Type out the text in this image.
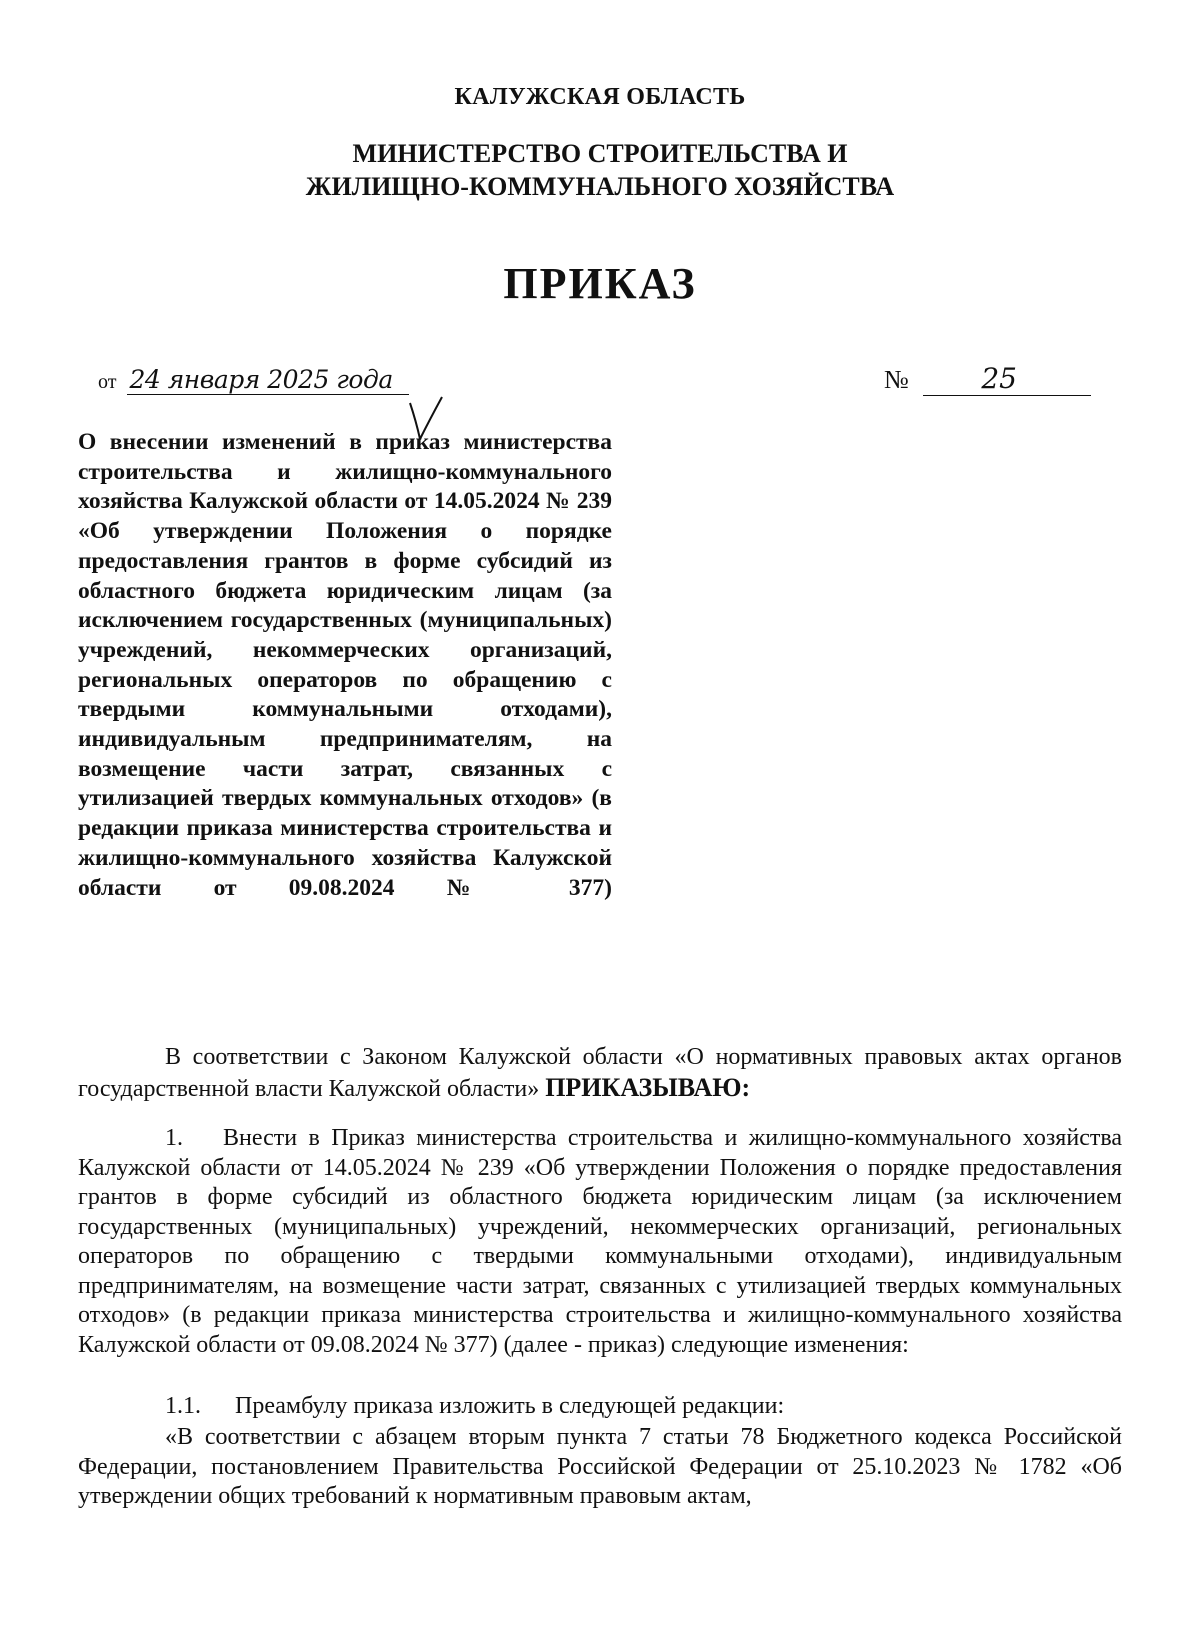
КАЛУЖСКАЯ ОБЛАСТЬ
МИНИСТЕРСТВО СТРОИТЕЛЬСТВА И
ЖИЛИЩНО-КОММУНАЛЬНОГО ХОЗЯЙСТВА
ПРИКАЗ
от 24 января 2025 года	№	25
О внесении изменений в приказ министерства строительства и жилищно-коммунального хозяйства Калужской области от 14.05.2024 № 239 «Об утверждении Положения о порядке предоставления грантов в форме субсидий из областного бюджета юридическим лицам (за исключением государственных (муниципальных) учреждений, некоммерческих организаций, региональных операторов по обращению с твердыми коммунальными отходами), индивидуальным предпринимателям, на возмещение части затрат, связанных с утилизацией твердых коммунальных отходов» (в редакции приказа министерства строительства и жилищно-коммунального хозяйства Калужской области от 09.08.2024 № 377)
В соответствии с Законом Калужской области «О нормативных правовых актах органов государственной власти Калужской области» ПРИКАЗЫВАЮ:
1. Внести в Приказ министерства строительства и жилищно-коммунального хозяйства Калужской области от 14.05.2024 № 239 «Об утверждении Положения о порядке предоставления грантов в форме субсидий из областного бюджета юридическим лицам (за исключением государственных (муниципальных) учреждений, некоммерческих организаций, региональных операторов по обращению с твердыми коммунальными отходами), индивидуальным предпринимателям, на возмещение части затрат, связанных с утилизацией твердых коммунальных отходов» (в редакции приказа министерства строительства и жилищно-коммунального хозяйства Калужской области от 09.08.2024 № 377) (далее - приказ) следующие изменения:
1.1. Преамбулу приказа изложить в следующей редакции:
«В соответствии с абзацем вторым пункта 7 статьи 78 Бюджетного кодекса Российской Федерации, постановлением Правительства Российской Федерации от 25.10.2023 № 1782 «Об утверждении общих требований к нормативным правовым актам,
